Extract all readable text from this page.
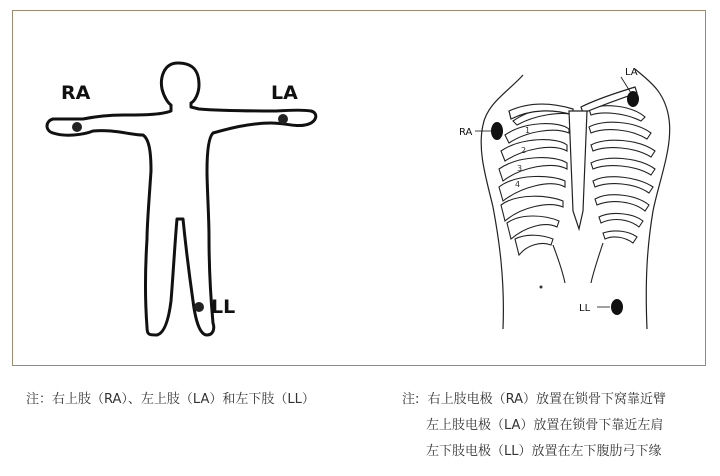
RA	LA
LL
1
2
3
4
RA
LA
LL
注：右上肢（RA）、左上肢（LA）和左下肢（LL）	注: 右上肢电极（RA）放置在锁骨下窝靠近臂
左上肢电极（LA）放置在锁骨下靠近左肩
左下肢电极（LL）放置在左下腹肋弓下缘
